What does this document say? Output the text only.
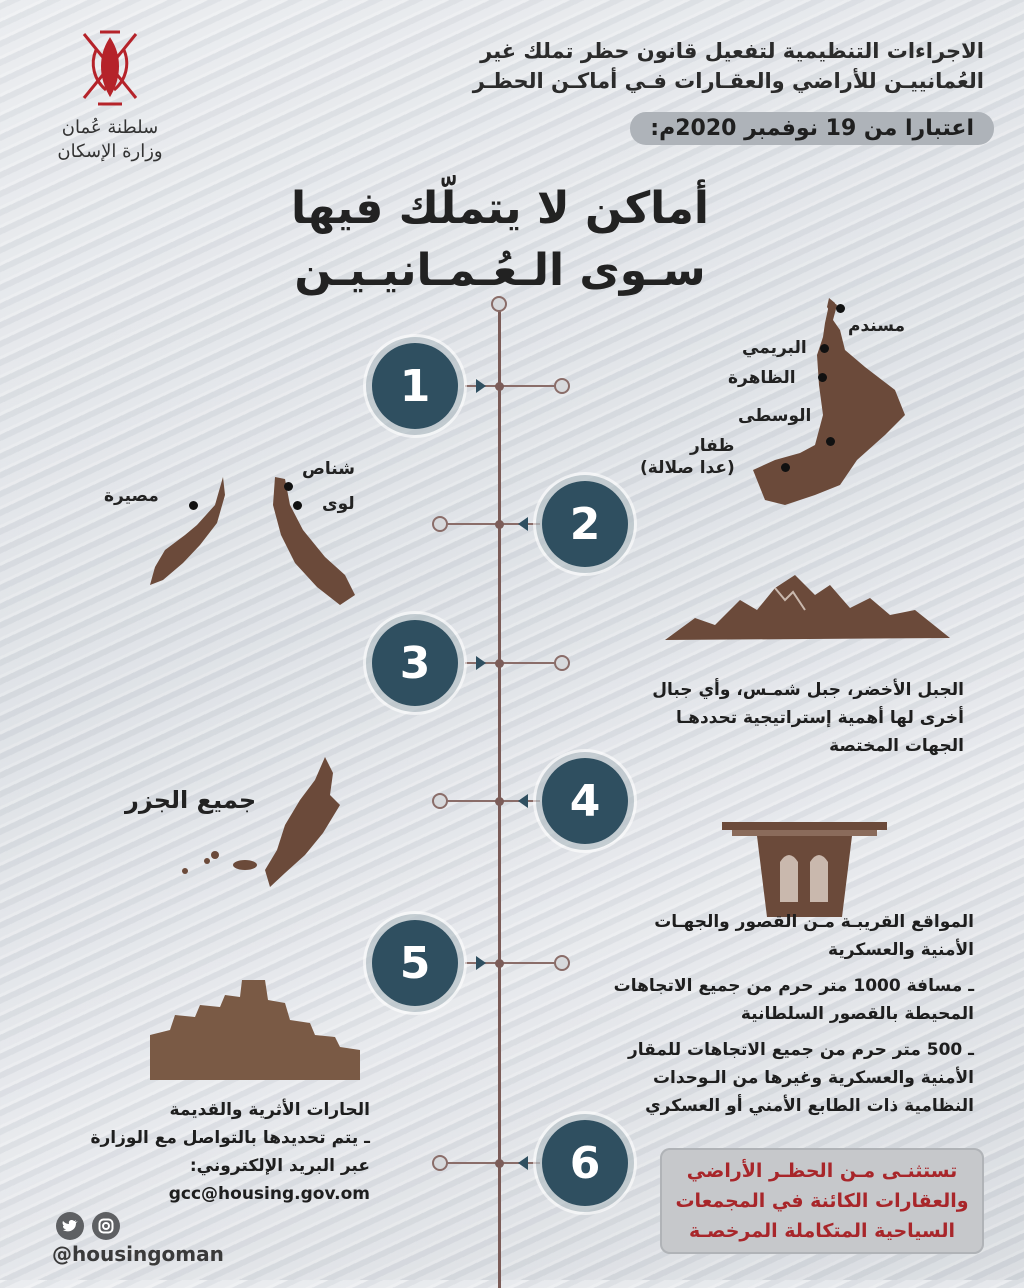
سلطنة عُمان
وزارة الإسكان
الاجراءات التنظيمية لتفعيل قانون حظر تملك غير
العُمانييـن للأراضي والعقـارات فـي أماكـن الحظـر
اعتبارا من 19 نوفمبر 2020م:
أماكن لا يتملّك فيها
سـوى الـعُـمـانيـيـن
1
2
3
4
5
6
مسندم
البريمي
الظاهرة
الوسطى
ظفار
(عدا صلالة)
شناص
لوى
مصيرة
الجبل الأخضر، جبل شمـس، وأي جبال
أخرى لها أهمية إستراتيجية تحددهـا
الجهات المختصة
جميع الجزر
المواقع القريبـة مـن القصور والجهـات
الأمنية والعسكرية
ـ مسافة 1000 متر حرم من جميع الاتجاهات
المحيطة بالقصور السلطانية
ـ 500 متر حرم من جميع الاتجاهات للمقار
الأمنية والعسكرية وغيرها من الـوحدات
النظامية ذات الطابع الأمني أو العسكري
الحارات الأثرية والقديمة
ـ يتم تحديدها بالتواصل مع الوزارة
عبر البريد الإلكتروني:
gcc@housing.gov.om
تستثنـى مـن الحظـر الأراضي
والعقارات الكائنة في المجمعات
السياحية المتكاملة المرخصـة
@housingoman
